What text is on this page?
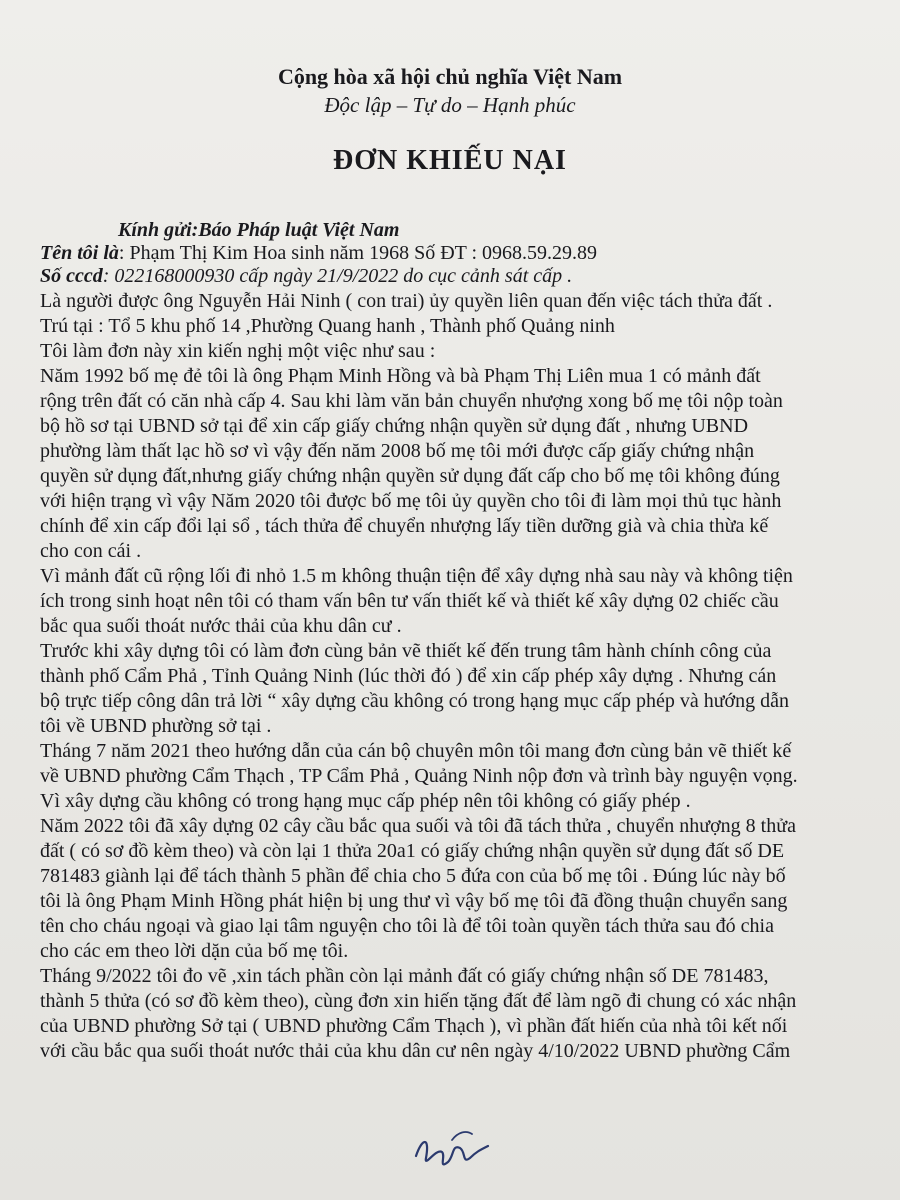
Cộng hòa xã hội chủ nghĩa Việt Nam
Độc lập – Tự do – Hạnh phúc
ĐƠN KHIẾU NẠI
Kính gửi:Báo Pháp luật Việt Nam
Tên tôi là: Phạm Thị Kim Hoa sinh năm 1968 Số ĐT : 0968.59.29.89
Số cccd: 022168000930 cấp ngày 21/9/2022 do cục cảnh sát cấp .
Là người được ông Nguyễn Hải Ninh ( con trai) ủy quyền liên quan đến việc tách thửa đất .
Trú tại : Tổ 5 khu phố 14 ,Phường Quang hanh , Thành phố Quảng ninh
Tôi làm đơn này xin kiến nghị một việc như sau :
Năm 1992 bố mẹ đẻ tôi là ông Phạm Minh Hồng và bà Phạm Thị Liên mua 1 có mảnh đất
rộng trên đất có căn nhà cấp 4. Sau khi làm văn bản chuyển nhượng xong bố mẹ tôi nộp toàn
bộ hồ sơ tại UBND sở tại để xin cấp giấy chứng nhận quyền sử dụng đất , nhưng UBND
phường làm thất lạc hồ sơ vì vậy đến năm 2008 bố mẹ tôi mới được cấp giấy chứng nhận
quyền sử dụng đất,nhưng giấy chứng nhận quyền sử dụng đất cấp cho bố mẹ tôi không đúng
với hiện trạng vì vậy Năm 2020 tôi được bố mẹ tôi ủy quyền cho tôi đi làm mọi thủ tục hành
chính để xin cấp đổi lại sổ , tách thửa để chuyển nhượng lấy tiền dưỡng già và chia thừa kế
cho con cái .
Vì mảnh đất cũ rộng lối đi nhỏ 1.5 m không thuận tiện để xây dựng nhà sau này và không tiện
ích trong sinh hoạt nên tôi có tham vấn bên tư vấn thiết kế và thiết kế xây dựng 02 chiếc cầu
bắc qua suối thoát nước thải của khu dân cư .
Trước khi xây dựng tôi có làm đơn cùng bản vẽ thiết kế đến trung tâm hành chính công của
thành phố Cẩm Phả , Tỉnh Quảng Ninh (lúc thời đó ) để xin cấp phép xây dựng . Nhưng cán
bộ trực tiếp công dân trả lời “ xây dựng cầu không có trong hạng mục cấp phép và hướng dẫn
tôi về UBND phường sở tại .
Tháng 7 năm 2021 theo hướng dẫn của cán bộ chuyên môn tôi mang đơn cùng bản vẽ thiết kế
về UBND phường Cẩm Thạch , TP Cẩm Phả , Quảng Ninh nộp đơn và trình bày nguyện vọng.
Vì xây dựng cầu không có trong hạng mục cấp phép nên tôi không có giấy phép .
Năm 2022 tôi đã xây dựng 02 cây cầu bắc qua suối và tôi đã tách thửa , chuyển nhượng 8 thửa
đất ( có sơ đồ kèm theo) và còn lại 1 thửa 20a1 có giấy chứng nhận quyền sử dụng đất số DE
781483 giành lại để tách thành 5 phần để chia cho 5 đứa con của bố mẹ tôi . Đúng lúc này bố
tôi là ông Phạm Minh Hồng phát hiện bị ung thư vì vậy bố mẹ tôi đã đồng thuận chuyển sang
tên cho cháu ngoại và giao lại tâm nguyện cho tôi là để tôi toàn quyền tách thửa sau đó chia
cho các em theo lời dặn của bố mẹ tôi.
Tháng 9/2022 tôi đo vẽ ,xin tách phần còn lại mảnh đất có giấy chứng nhận số DE 781483,
thành 5 thửa (có sơ đồ kèm theo), cùng đơn xin hiến tặng đất để làm ngõ đi chung có xác nhận
của UBND phường Sở tại ( UBND phường Cẩm Thạch ), vì phần đất hiến của nhà tôi kết nối
với cầu bắc qua suối thoát nước thải của khu dân cư nên ngày 4/10/2022 UBND phường Cẩm
